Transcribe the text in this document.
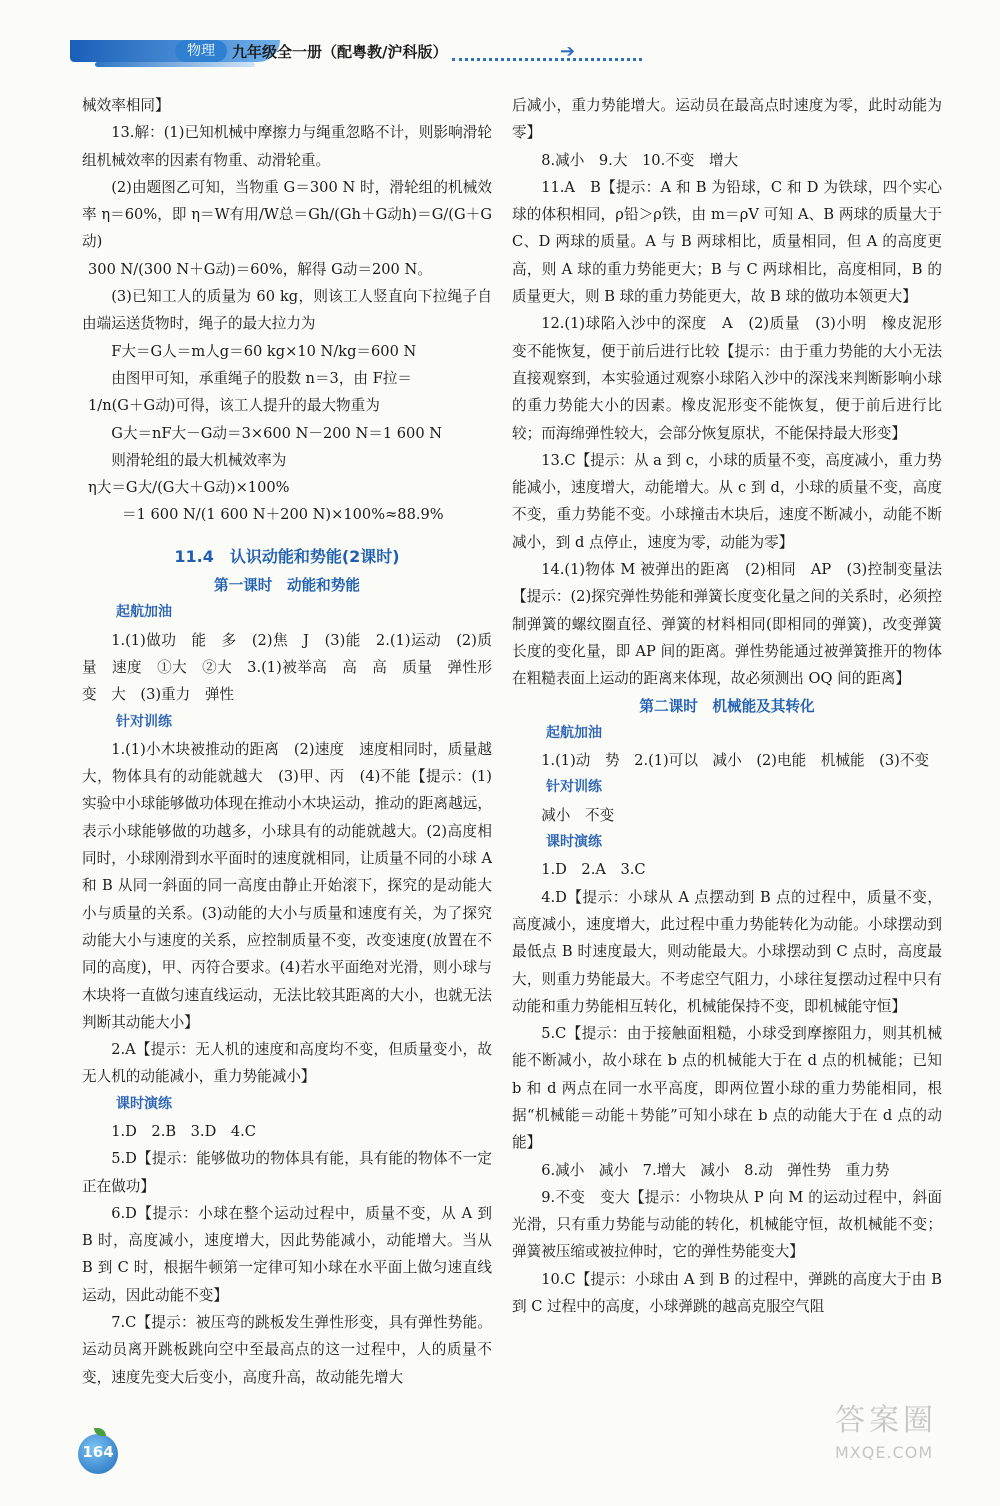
物理	九年级全一册（配粤教/沪科版）	➔

械效率相同】

13.解：(1)已知机械中摩擦力与绳重忽略不计，则影响滑轮组机械效率的因素有物重、动滑轮重。

(2)由题图乙可知，当物重 G＝300 N 时，滑轮组的机械效率 η＝60%，即 η＝W有用/W总＝Gh/(Gh＋G动h)＝G/(G＋G动)

300 N/(300 N＋G动)＝60%，解得 G动＝200 N。

(3)已知工人的质量为 60 kg，则该工人竖直向下拉绳子自由端运送货物时，绳子的最大拉力为

F大＝G人＝m人g＝60 kg×10 N/kg＝600 N

由图甲可知，承重绳子的股数 n＝3，由 F拉＝

1/n(G＋G动)可得，该工人提升的最大物重为

G大＝nF大－G动＝3×600 N－200 N＝1 600 N

则滑轮组的最大机械效率为

η大＝G大/(G大＋G动)×100%

＝1 600 N/(1 600 N＋200 N)×100%≈88.9%

11.4　认识动能和势能(2课时)

第一课时　动能和势能

起航加油

1.(1)做功　能　多　(2)焦　J　(3)能　2.(1)运动　(2)质量　速度　①大　②大　3.(1)被举高　高　高　质量　弹性形变　大　(3)重力　弹性

针对训练

1.(1)小木块被推动的距离　(2)速度　速度相同时，质量越大，物体具有的动能就越大　(3)甲、丙　(4)不能【提示：(1)实验中小球能够做功体现在推动小木块运动，推动的距离越远，表示小球能够做的功越多，小球具有的动能就越大。(2)高度相同时，小球刚滑到水平面时的速度就相同，让质量不同的小球 A 和 B 从同一斜面的同一高度由静止开始滚下，探究的是动能大小与质量的关系。(3)动能的大小与质量和速度有关，为了探究动能大小与速度的关系，应控制质量不变，改变速度(放置在不同的高度)，甲、丙符合要求。(4)若水平面绝对光滑，则小球与木块将一直做匀速直线运动，无法比较其距离的大小，也就无法判断其动能大小】

2.A【提示：无人机的速度和高度均不变，但质量变小，故无人机的动能减小，重力势能减小】

课时演练

1.D　2.B　3.D　4.C

5.D【提示：能够做功的物体具有能，具有能的物体不一定正在做功】

6.D【提示：小球在整个运动过程中，质量不变，从 A 到 B 时，高度减小，速度增大，因此势能减小，动能增大。当从 B 到 C 时，根据牛顿第一定律可知小球在水平面上做匀速直线运动，因此动能不变】

7.C【提示：被压弯的跳板发生弹性形变，具有弹性势能。运动员离开跳板跳向空中至最高点的这一过程中，人的质量不变，速度先变大后变小，高度升高，故动能先增大

后减小，重力势能增大。运动员在最高点时速度为零，此时动能为零】

8.减小　9.大　10.不变　增大

11.A　B【提示：A 和 B 为铅球，C 和 D 为铁球，四个实心球的体积相同，ρ铅＞ρ铁，由 m＝ρV 可知 A、B 两球的质量大于 C、D 两球的质量。A 与 B 两球相比，质量相同，但 A 的高度更高，则 A 球的重力势能更大；B 与 C 两球相比，高度相同，B 的质量更大，则 B 球的重力势能更大，故 B 球的做功本领更大】

12.(1)球陷入沙中的深度　A　(2)质量　(3)小明　橡皮泥形变不能恢复，便于前后进行比较【提示：由于重力势能的大小无法直接观察到，本实验通过观察小球陷入沙中的深浅来判断影响小球的重力势能大小的因素。橡皮泥形变不能恢复，便于前后进行比较；而海绵弹性较大，会部分恢复原状，不能保持最大形变】

13.C【提示：从 a 到 c，小球的质量不变，高度减小，重力势能减小，速度增大，动能增大。从 c 到 d，小球的质量不变，高度不变，重力势能不变。小球撞击木块后，速度不断减小，动能不断减小，到 d 点停止，速度为零，动能为零】

14.(1)物体 M 被弹出的距离　(2)相同　AP　(3)控制变量法【提示：(2)探究弹性势能和弹簧长度变化量之间的关系时，必须控制弹簧的螺纹圈直径、弹簧的材料相同(即相同的弹簧)，改变弹簧长度的变化量，即 AP 间的距离。弹性势能通过被弹簧推开的物体在粗糙表面上运动的距离来体现，故必须测出 OQ 间的距离】

第二课时　机械能及其转化

起航加油

1.(1)动　势　2.(1)可以　减小　(2)电能　机械能　(3)不变

针对训练

减小　不变

课时演练

1.D　2.A　3.C

4.D【提示：小球从 A 点摆动到 B 点的过程中，质量不变，高度减小，速度增大，此过程中重力势能转化为动能。小球摆动到最低点 B 时速度最大，则动能最大。小球摆动到 C 点时，高度最大，则重力势能最大。不考虑空气阻力，小球往复摆动过程中只有动能和重力势能相互转化，机械能保持不变，即机械能守恒】

5.C【提示：由于接触面粗糙，小球受到摩擦阻力，则其机械能不断减小，故小球在 b 点的机械能大于在 d 点的机械能；已知 b 和 d 两点在同一水平高度，即两位置小球的重力势能相同，根据“机械能＝动能＋势能”可知小球在 b 点的动能大于在 d 点的动能】

6.减小　减小　7.增大　减小　8.动　弹性势　重力势

9.不变　变大【提示：小物块从 P 向 M 的运动过程中，斜面光滑，只有重力势能与动能的转化，机械能守恒，故机械能不变；弹簧被压缩或被拉伸时，它的弹性势能变大】

10.C【提示：小球由 A 到 B 的过程中，弹跳的高度大于由 B 到 C 过程中的高度，小球弹跳的越高克服空气阻

164
答案圈
MXQE.COM
